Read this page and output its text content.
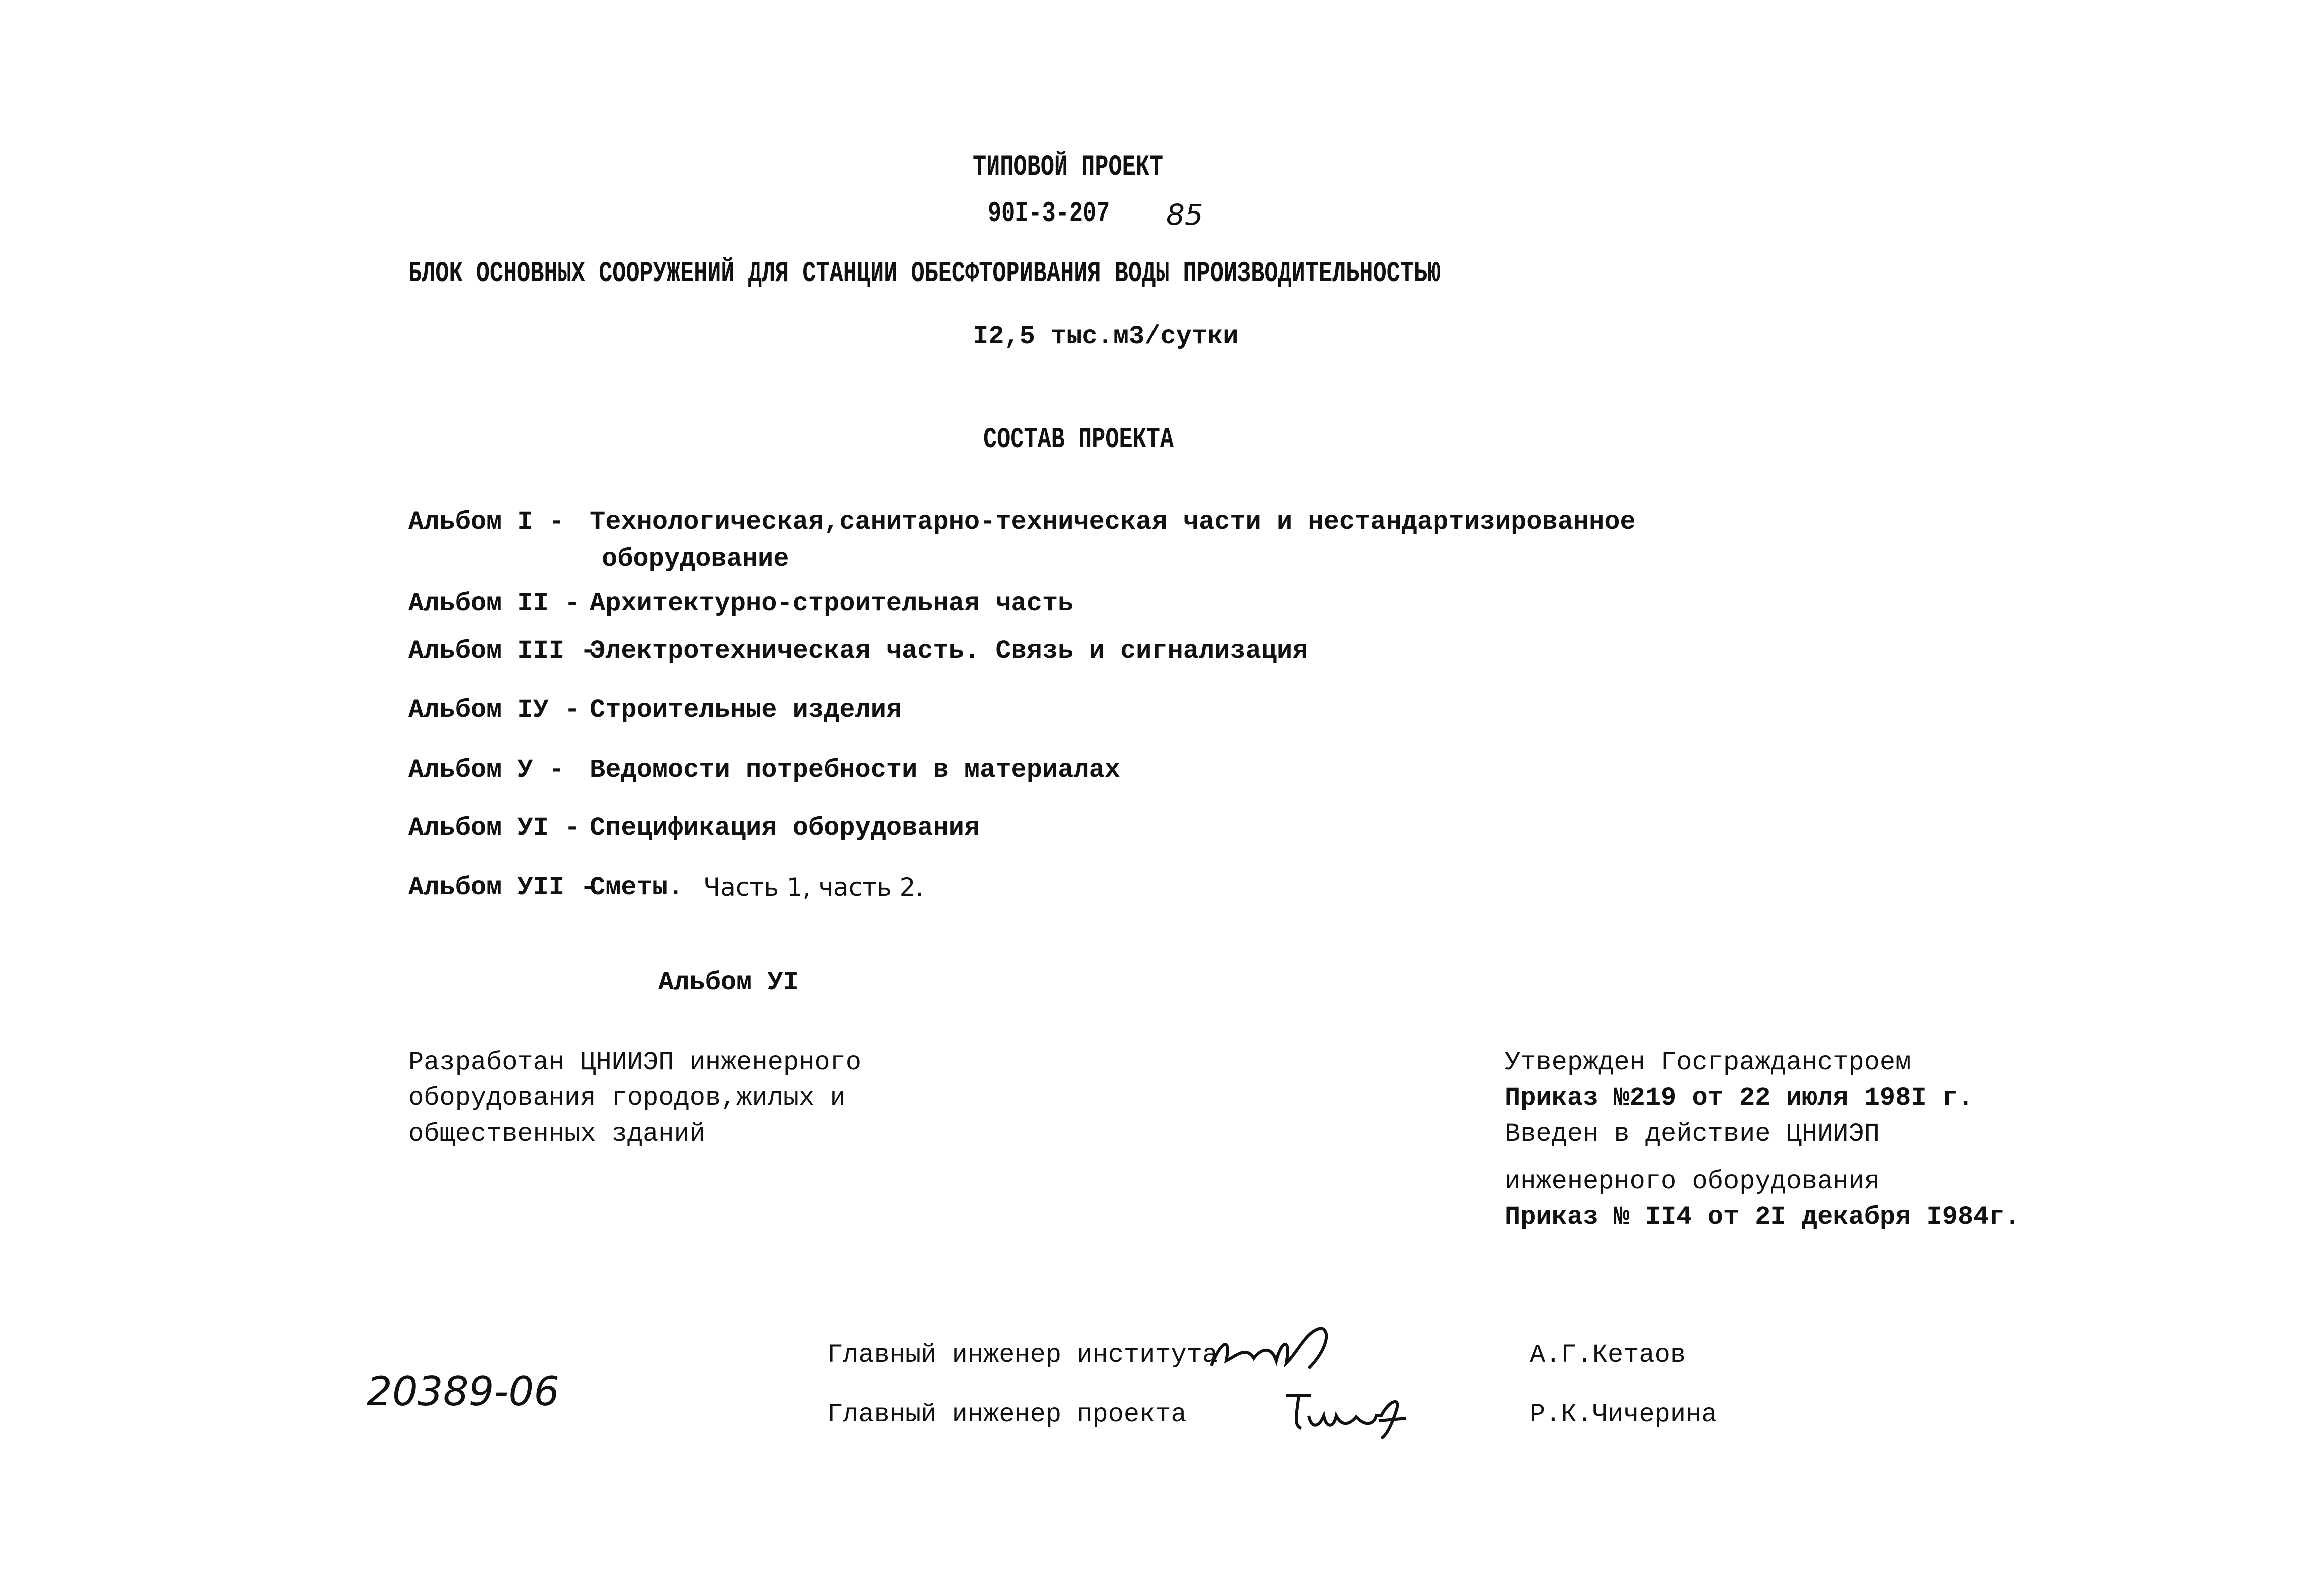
ТИПОВОЙ ПРОЕКТ
90I-3-207 85
БЛОК ОСНОВНЫХ СООРУЖЕНИЙ ДЛЯ СТАНЦИИ ОБЕСФТОРИВАНИЯ ВОДЫ ПРОИЗВОДИТЕЛЬНОСТЬЮ
I2,5 тыс.м3/сутки
СОСТАВ ПРОЕКТА
Альбом I - Технологическая,санитарно-техническая части и нестандартизированное
оборудование
Альбом II - Архитектурно-строительная часть
Альбом III -
Электротехническая часть. Связь и сигнализация
Альбом IУ - Строительные изделия
Альбом У - Ведомости потребности в материалах
Альбом УI - Спецификация оборудования
Альбом УII -
Сметы. Часть 1, часть 2.
Альбом УI
Разработан ЦНИИЭП инженерного
оборудования городов,жилых и
общественных зданий
Утвержден Госгражданстроем
Приказ №219 от 22 июля 198I г.
Введен в действие ЦНИИЭП
инженерного оборудования
Приказ № II4 от 2I декабря I984г.
20389-06
Главный инженер института	А.Г.Кетаов
Главный инженер проекта	Р.К.Чичерина
